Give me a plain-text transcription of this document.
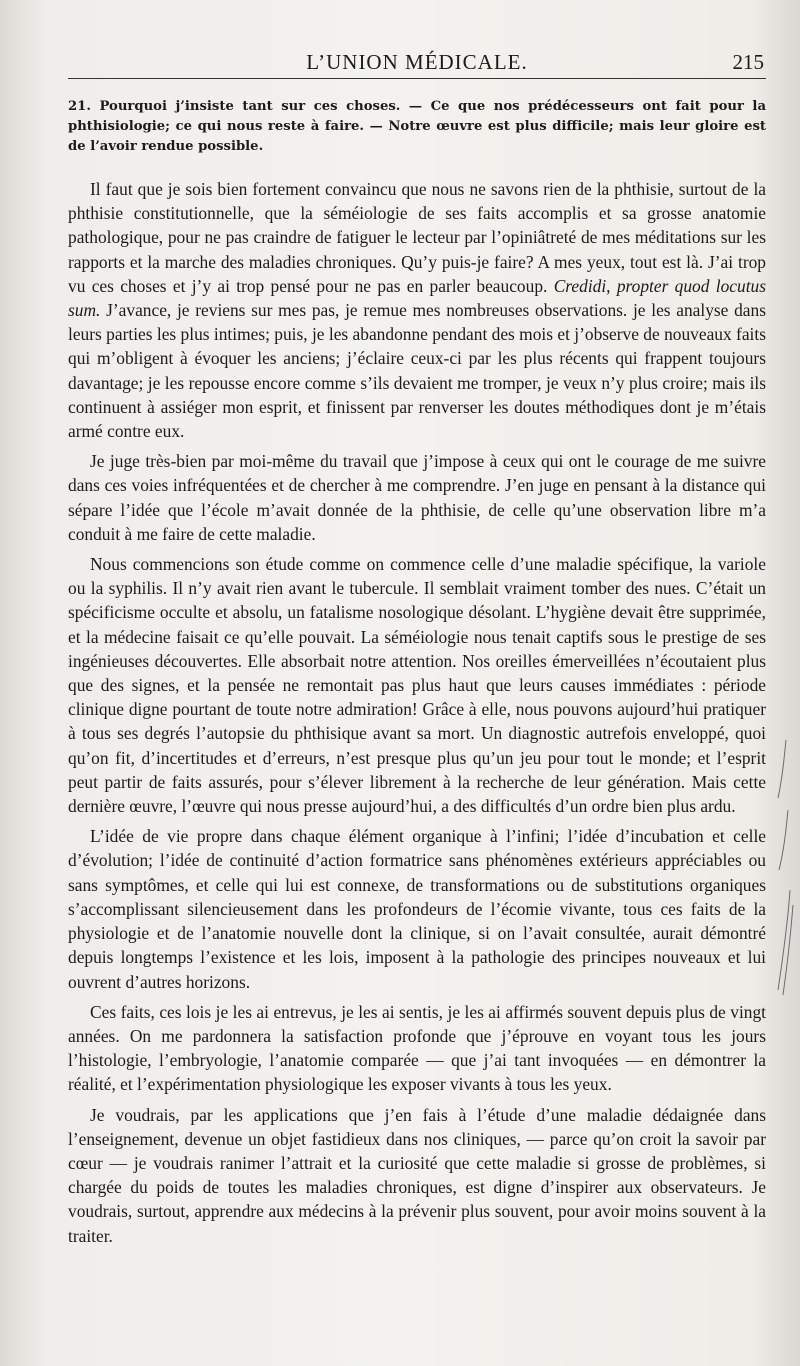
L’UNION MÉDICALE.	215
21. Pourquoi j’insiste tant sur ces choses. — Ce que nos prédécesseurs ont fait pour la phthisiologie; ce qui nous reste à faire. — Notre œuvre est plus difficile; mais leur gloire est de l’avoir rendue possible.

Il faut que je sois bien fortement convaincu que nous ne savons rien de la phthisie, surtout de la phthisie constitutionnelle, que la séméiologie de ses faits accomplis et sa grosse anatomie pathologique, pour ne pas craindre de fatiguer le lecteur par l’opiniâtreté de mes méditations sur les rapports et la marche des maladies chroniques. Qu’y puis-je faire? A mes yeux, tout est là. J’ai trop vu ces choses et j’y ai trop pensé pour ne pas en parler beaucoup. Credidi, propter quod locutus sum. J’avance, je reviens sur mes pas, je remue mes nombreuses observations. je les analyse dans leurs parties les plus intimes; puis, je les abandonne pendant des mois et j’observe de nouveaux faits qui m’obligent à évoquer les anciens; j’éclaire ceux-ci par les plus récents qui frappent toujours davantage; je les repousse encore comme s’ils devaient me tromper, je veux n’y plus croire; mais ils continuent à assiéger mon esprit, et finissent par renverser les doutes méthodiques dont je m’étais armé contre eux.

Je juge très-bien par moi-même du travail que j’impose à ceux qui ont le courage de me suivre dans ces voies infréquentées et de chercher à me comprendre. J’en juge en pensant à la distance qui sépare l’idée que l’école m’avait donnée de la phthisie, de celle qu’une observation libre m’a conduit à me faire de cette maladie.

Nous commencions son étude comme on commence celle d’une maladie spécifique, la variole ou la syphilis. Il n’y avait rien avant le tubercule. Il semblait vraiment tomber des nues. C’était un spécificisme occulte et absolu, un fatalisme nosologique désolant. L’hygiène devait être supprimée, et la médecine faisait ce qu’elle pouvait. La séméiologie nous tenait captifs sous le prestige de ses ingénieuses découvertes. Elle absorbait notre attention. Nos oreilles émerveillées n’écoutaient plus que des signes, et la pensée ne remontait pas plus haut que leurs causes immédiates : période clinique digne pourtant de toute notre admiration! Grâce à elle, nous pouvons aujourd’hui pratiquer à tous ses degrés l’autopsie du phthisique avant sa mort. Un diagnostic autrefois enveloppé, quoi qu’on fit, d’incertitudes et d’erreurs, n’est presque plus qu’un jeu pour tout le monde; et l’esprit peut partir de faits assurés, pour s’élever librement à la recherche de leur génération. Mais cette dernière œuvre, l’œuvre qui nous presse aujourd’hui, a des difficultés d’un ordre bien plus ardu.

L’idée de vie propre dans chaque élément organique à l’infini; l’idée d’incubation et celle d’évolution; l’idée de continuité d’action formatrice sans phénomènes extérieurs appréciables ou sans symptômes, et celle qui lui est connexe, de transformations ou de substitutions organiques s’accomplissant silencieusement dans les profondeurs de l’écomie vivante, tous ces faits de la physiologie et de l’anatomie nouvelle dont la clinique, si on l’avait consultée, aurait démontré depuis longtemps l’existence et les lois, imposent à la pathologie des principes nouveaux et lui ouvrent d’autres horizons.

Ces faits, ces lois je les ai entrevus, je les ai sentis, je les ai affirmés souvent depuis plus de vingt années. On me pardonnera la satisfaction profonde que j’éprouve en voyant tous les jours l’histologie, l’embryologie, l’anatomie comparée — que j’ai tant invoquées — en démontrer la réalité, et l’expérimentation physiologique les exposer vivants à tous les yeux.

Je voudrais, par les applications que j’en fais à l’étude d’une maladie dédaignée dans l’enseignement, devenue un objet fastidieux dans nos cliniques, — parce qu’on croit la savoir par cœur — je voudrais ranimer l’attrait et la curiosité que cette maladie si grosse de problèmes, si chargée du poids de toutes les maladies chroniques, est digne d’inspirer aux observateurs. Je voudrais, surtout, apprendre aux médecins à la prévenir plus souvent, pour avoir moins souvent à la traiter.
